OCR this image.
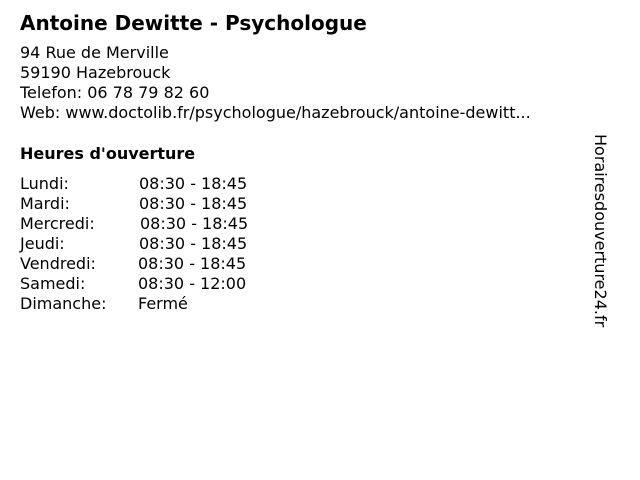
Antoine Dewitte - Psychologue
94 Rue de Merville
59190 Hazebrouck
Telefon: 06 78 79 82 60
Web: www.doctolib.fr/psychologue/hazebrouck/antoine-dewitt...
Heures d'ouverture
Lundi:	08:30 - 18:45
Mardi:	08:30 - 18:45
Mercredi:	08:30 - 18:45
Jeudi:	08:30 - 18:45
Vendredi:	08:30 - 18:45
Samedi:	08:30 - 12:00
Dimanche: Fermé	Horairesdouverture24.fr
